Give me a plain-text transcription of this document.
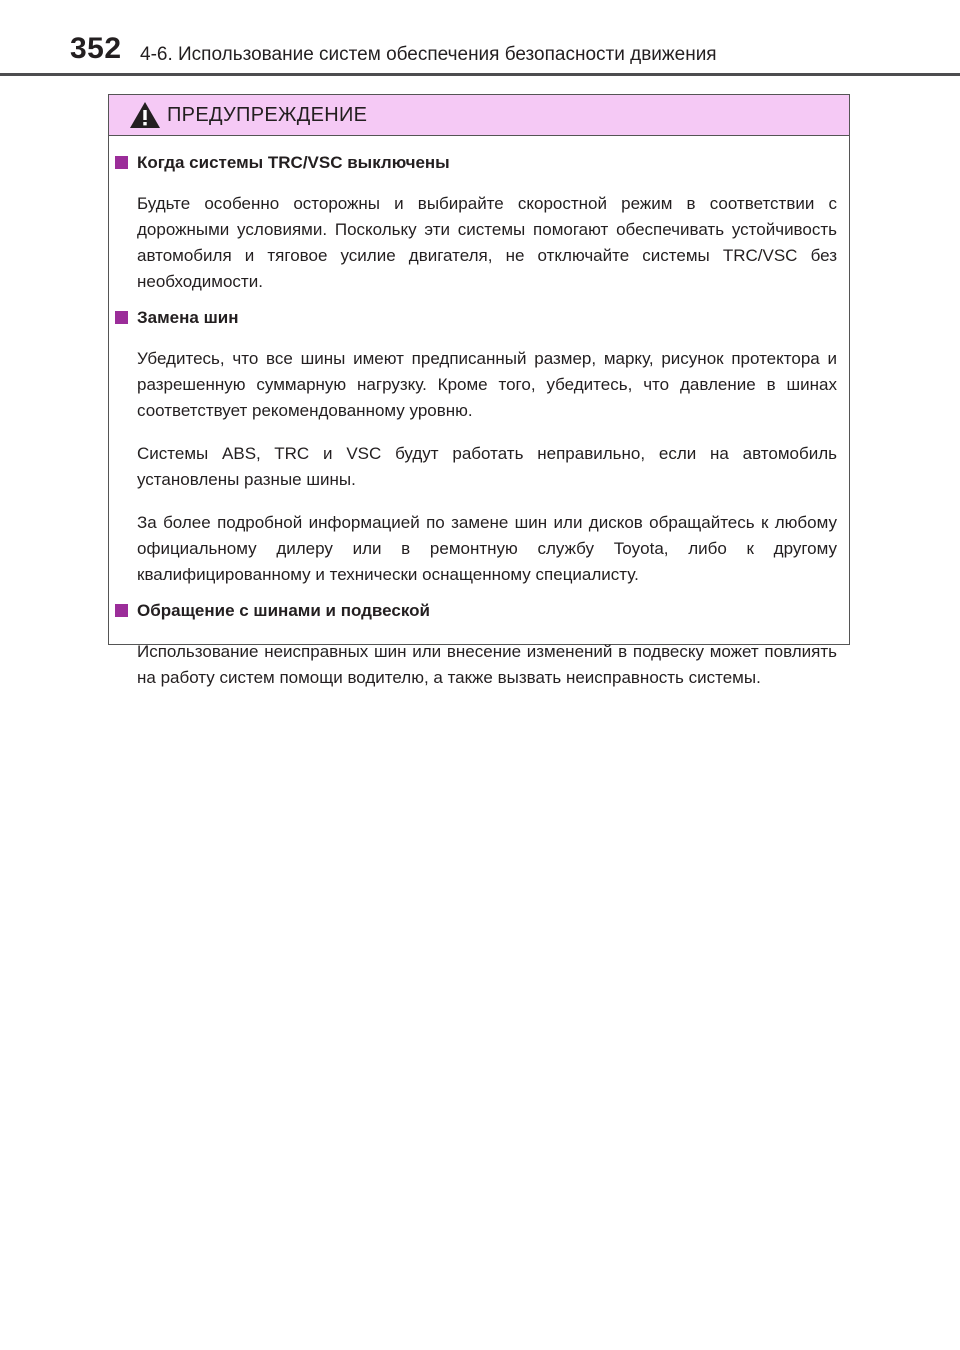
352 4-6. Использование систем обеспечения безопасности движения
ПРЕДУПРЕЖДЕНИЕ
Когда системы TRC/VSC выключены

Будьте особенно осторожны и выбирайте скоростной режим в соответствии с дорожными условиями. Поскольку эти системы помогают обеспечивать устойчивость автомобиля и тяговое усилие двигателя, не отключайте системы TRC/VSC без необходимости.

Замена шин

Убедитесь, что все шины имеют предписанный размер, марку, рисунок протектора и разрешенную суммарную нагрузку. Кроме того, убедитесь, что давление в шинах соответствует рекомендованному уровню.

Системы ABS, TRC и VSC будут работать неправильно, если на автомобиль установлены разные шины.

За более подробной информацией по замене шин или дисков обращайтесь к любому официальному дилеру или в ремонтную службу Toyota, либо к другому квалифицированному и технически оснащенному специалисту.

Обращение с шинами и подвеской

Использование неисправных шин или внесение изменений в подвеску может повлиять на работу систем помощи водителю, а также вызвать неисправность системы.
